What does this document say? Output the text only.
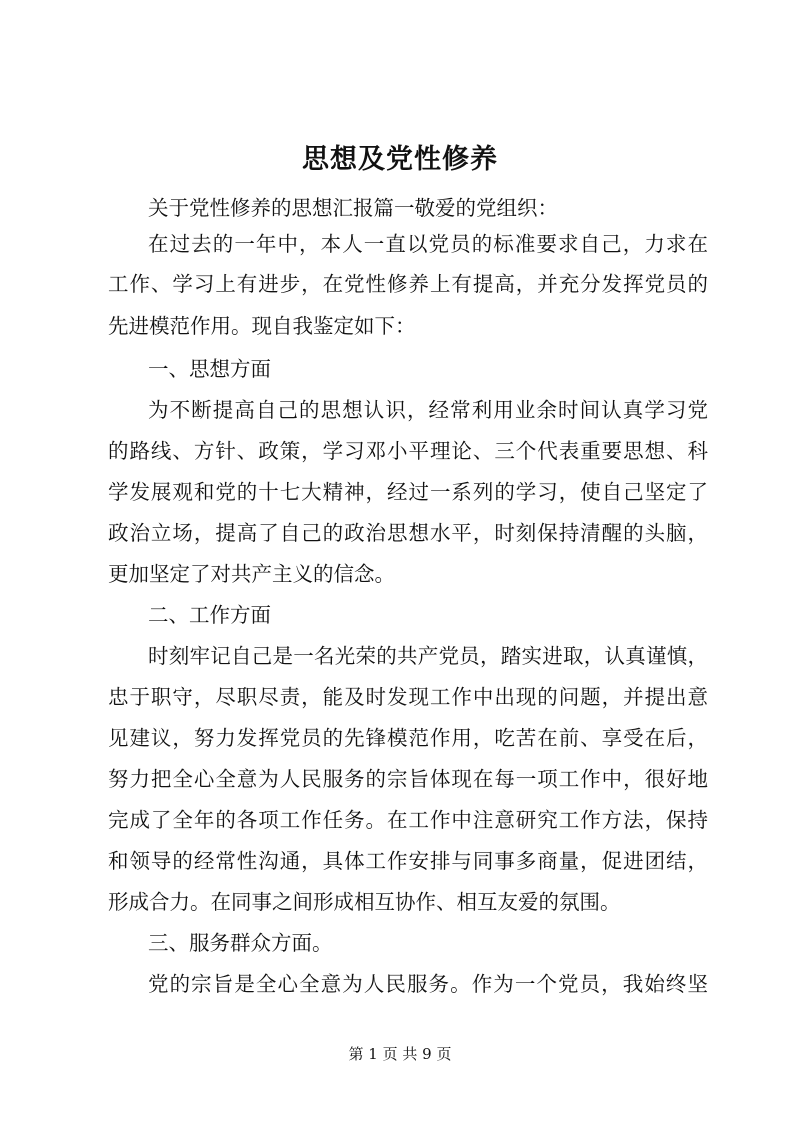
思想及党性修养
关于党性修养的思想汇报篇一敬爱的党组织：
在过去的一年中，本人一直以党员的标准要求自己，力求在
工作、学习上有进步，在党性修养上有提高，并充分发挥党员的
先进模范作用。现自我鉴定如下：
一、思想方面
为不断提高自己的思想认识，经常利用业余时间认真学习党
的路线、方针、政策，学习邓小平理论、三个代表重要思想、科
学发展观和党的十七大精神，经过一系列的学习，使自己坚定了
政治立场，提高了自己的政治思想水平，时刻保持清醒的头脑，
更加坚定了对共产主义的信念。
二、工作方面
时刻牢记自己是一名光荣的共产党员，踏实进取，认真谨慎，
忠于职守，尽职尽责，能及时发现工作中出现的问题，并提出意
见建议，努力发挥党员的先锋模范作用，吃苦在前、享受在后，
努力把全心全意为人民服务的宗旨体现在每一项工作中，很好地
完成了全年的各项工作任务。在工作中注意研究工作方法，保持
和领导的经常性沟通，具体工作安排与同事多商量，促进团结，
形成合力。在同事之间形成相互协作、相互友爱的氛围。
三、服务群众方面。
党的宗旨是全心全意为人民服务。作为一个党员，我始终坚
第 1 页 共 9 页
